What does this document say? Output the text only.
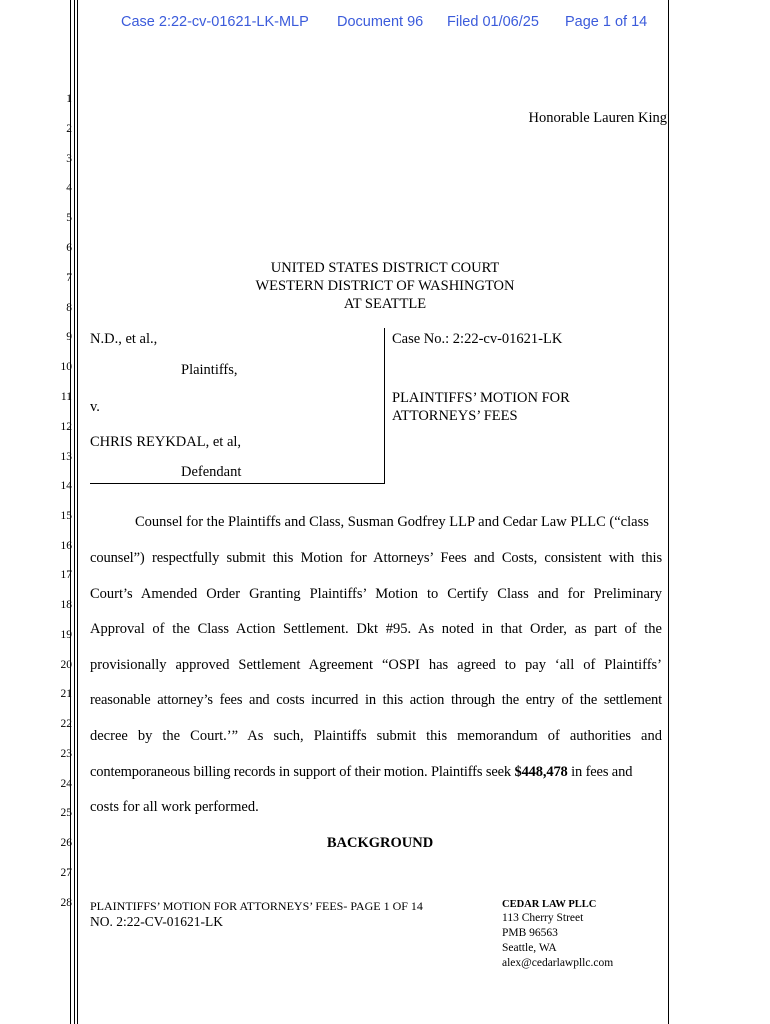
Case 2:22-cv-01621-LK-MLP Document 96 Filed 01/06/25 Page 1 of 14
1
2
3
4
5
6
7
8
9
10
11
12
13
14
15
16
17
18
19
20
21
22
23
24
25
26
27
28
Honorable Lauren King
UNITED STATES DISTRICT COURT
WESTERN DISTRICT OF WASHINGTON
AT SEATTLE
N.D., et al.,
Plaintiffs,
v.
CHRIS REYKDAL, et al,
Defendant
Case No.: 2:22-cv-01621-LK
PLAINTIFFS’ MOTION FOR
ATTORNEYS’ FEES
Counsel for the Plaintiffs and Class, Susman Godfrey LLP and Cedar Law PLLC (“class
counsel”) respectfully submit this Motion for Attorneys’ Fees and Costs, consistent with this
Court’s Amended Order Granting Plaintiffs’ Motion to Certify Class and for Preliminary
Approval of the Class Action Settlement. Dkt #95. As noted in that Order, as part of the
provisionally approved Settlement Agreement “OSPI has agreed to pay ‘all of Plaintiffs’
reasonable attorney’s fees and costs incurred in this action through the entry of the settlement
decree by the Court.’” As such, Plaintiffs submit this memorandum of authorities and
contemporaneous billing records in support of their motion. Plaintiffs seek $448,478 in fees and
costs for all work performed.
BACKGROUND
PLAINTIFFS’ MOTION FOR ATTORNEYS’ FEES- PAGE 1 OF 14
NO. 2:22-CV-01621-LK
CEDAR LAW PLLC
113 Cherry Street
PMB 96563
Seattle, WA
alex@cedarlawpllc.com
